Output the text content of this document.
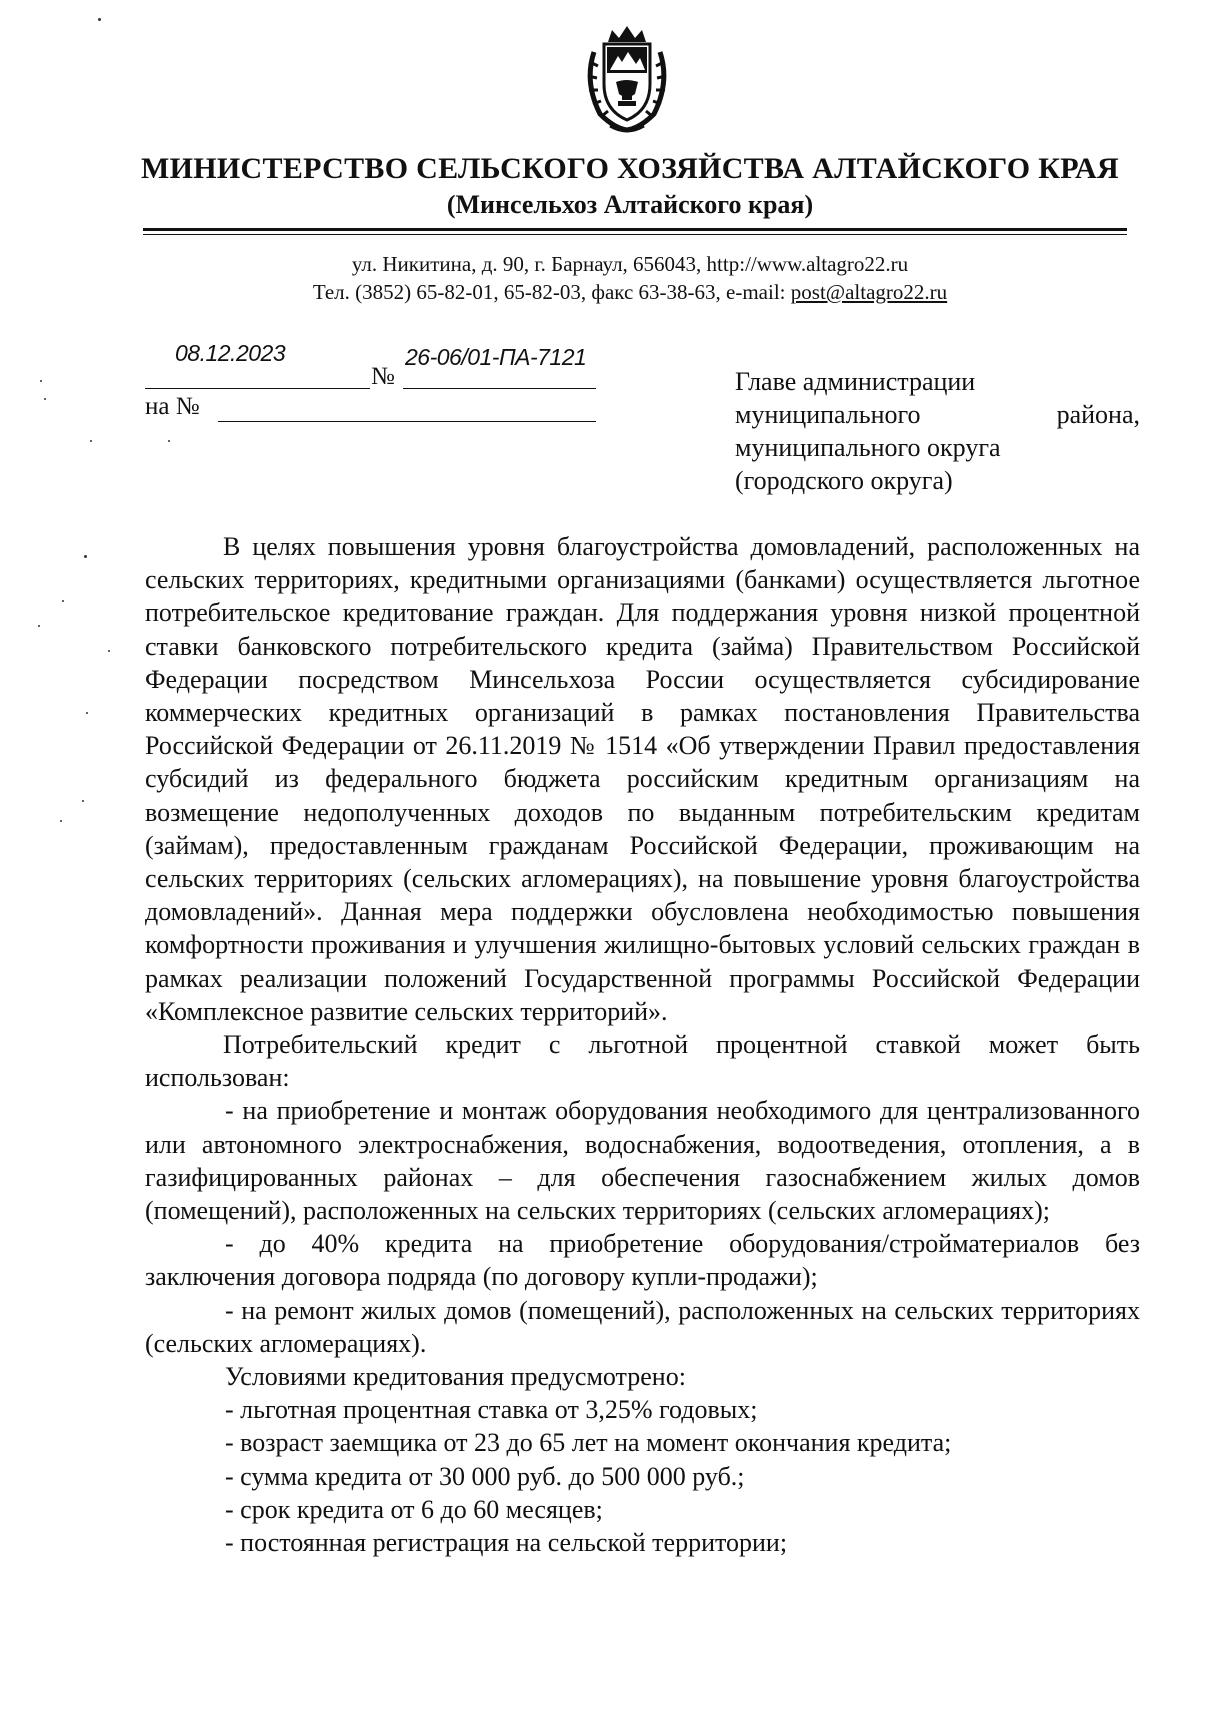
МИНИСТЕРСТВО СЕЛЬСКОГО ХОЗЯЙСТВА АЛТАЙСКОГО КРАЯ
(Минсельхоз Алтайского края)
ул. Никитина, д. 90, г. Барнаул, 656043, http://www.altagro22.ru
Тел. (3852) 65-82-01, 65-82-03, факс 63-38-63, e-mail: post@altagro22.ru
08.12.2023
№
26-06/01-ПА-7121
на №
Главе администрации
муниципального района,
муниципального округа
(городского округа)

В целях повышения уровня благоустройства домовладений, расположенных на сельских территориях, кредитными организациями (банками) осуществляется льготное потребительское кредитование граждан. Для поддержания уровня низкой процентной ставки банковского потребительского кредита (займа) Правительством Российской Федерации посредством Минсельхоза России осуществляется субсидирование коммерческих кредитных организаций в рамках постановления Правительства Российской Федерации от 26.11.2019 № 1514 «Об утверждении Правил предоставления субсидий из федерального бюджета российским кредитным организациям на возмещение недополученных доходов по выданным потребительским кредитам (займам), предоставленным гражданам Российской Федерации, проживающим на сельских территориях (сельских агломерациях), на повышение уровня благоустройства домовладений». Данная мера поддержки обусловлена необходимостью повышения комфортности проживания и улучшения жилищно-бытовых условий сельских граждан в рамках реализации положений Государственной программы Российской Федерации «Комплексное развитие сельских территорий».

Потребительский кредит с льготной процентной ставкой может быть использован:

- на приобретение и монтаж оборудования необходимого для централизованного или автономного электроснабжения, водоснабжения, водоотведения, отопления, а в газифицированных районах – для обеспечения газоснабжением жилых домов (помещений), расположенных на сельских территориях (сельских агломерациях);

- до 40% кредита на приобретение оборудования/стройматериалов без заключения договора подряда (по договору купли-продажи);

- на ремонт жилых домов (помещений), расположенных на сельских территориях (сельских агломерациях).

Условиями кредитования предусмотрено:

- льготная процентная ставка от 3,25% годовых;

- возраст заемщика от 23 до 65 лет на момент окончания кредита;

- сумма кредита от 30 000 руб. до 500 000 руб.;

- срок кредита от 6 до 60 месяцев;

- постоянная регистрация на сельской территории;
